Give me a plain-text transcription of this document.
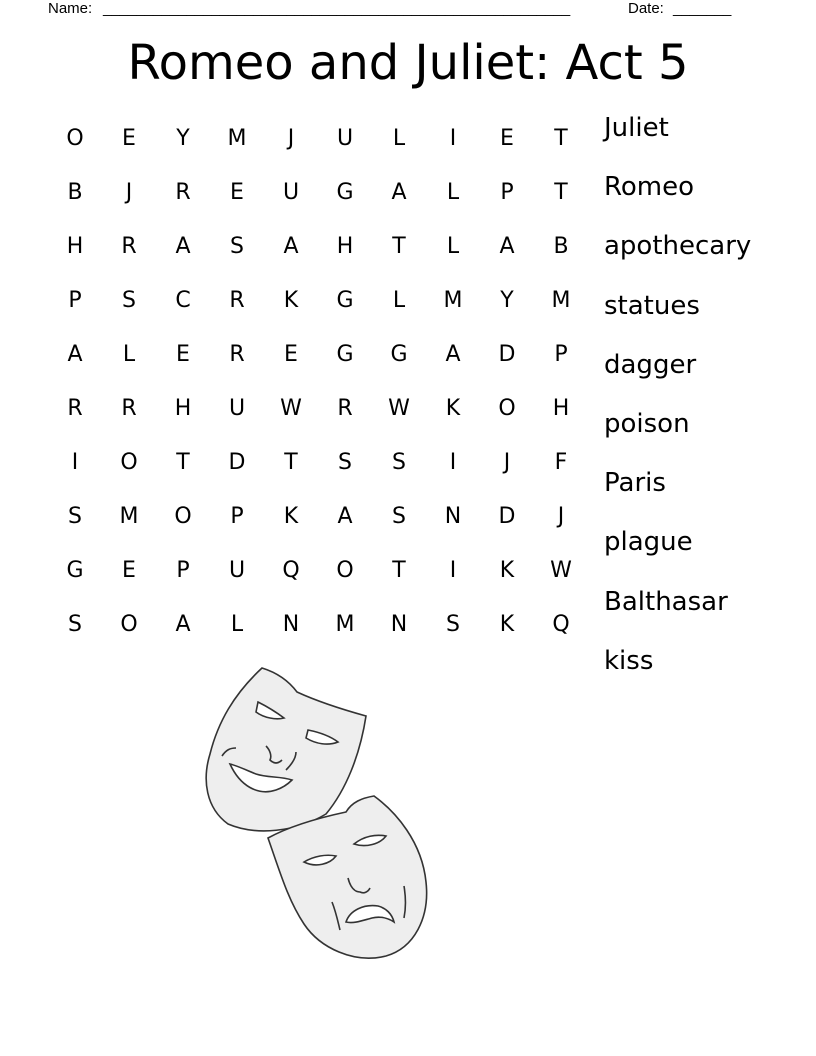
Name: ________________________________________________________	Date: _______
Romeo and Juliet: Act 5
O	E	Y	M	J	U	L	I	E	T
B	J	R	E	U	G	A	L	P	T
H	R	A	S	A	H	T	L	A	B
P	S	C	R	K	G	L	M	Y	M
A	L	E	R	E	G	G	A	D	P
R	R	H	U	W	R	W	K	O	H
I	O	T	D	T	S	S	I	J	F
S	M	O	P	K	A	S	N	D	J
G	E	P	U	Q	O	T	I	K	W
S	O	A	L	N	M	N	S	K	Q
Juliet
Romeo
apothecary
statues
dagger
poison
Paris
plague
Balthasar
kiss
